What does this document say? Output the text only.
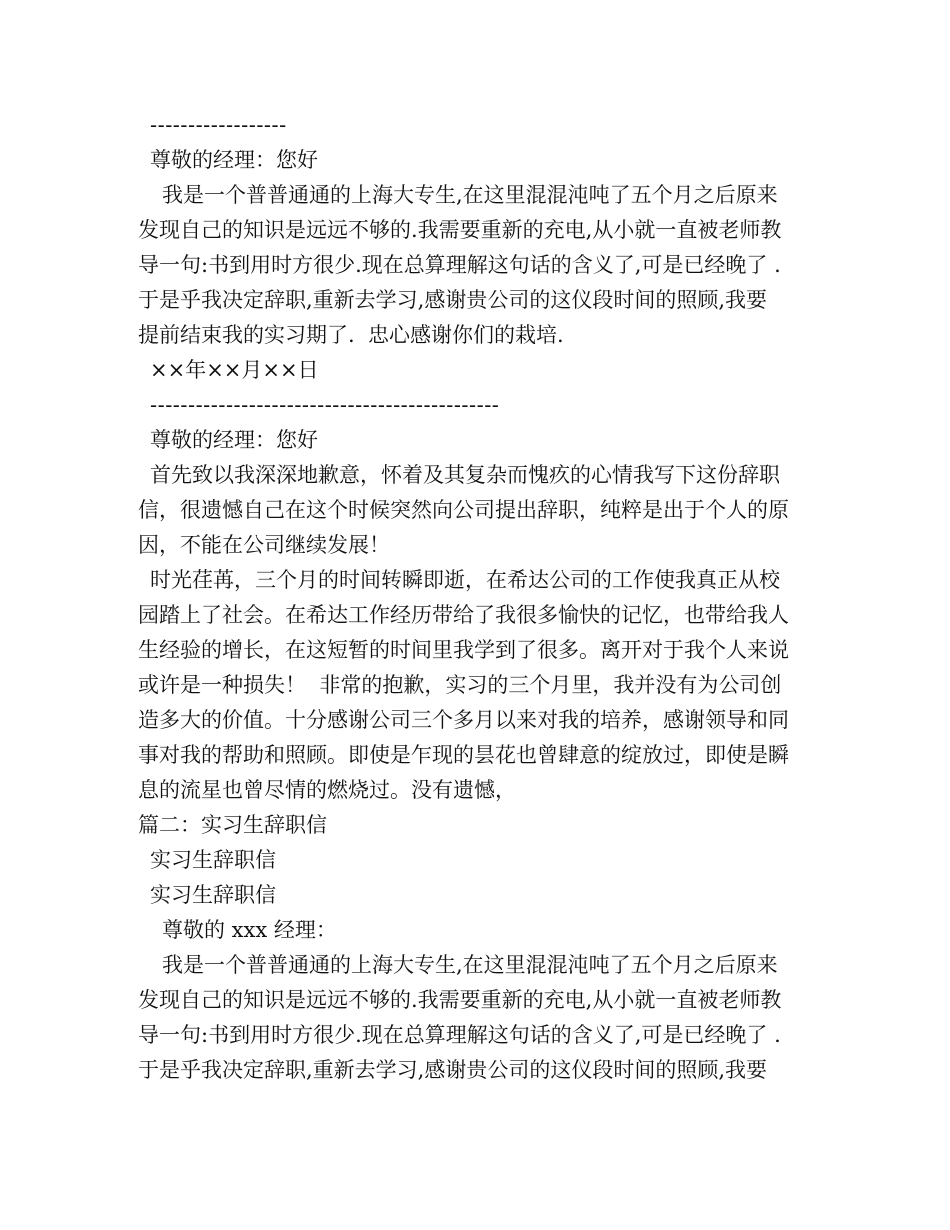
------------------
尊敬的经理：您好
我是一个普普通通的上海大专生,在这里混混沌吨了五个月之后原来
发现自己的知识是远远不够的.我需要重新的充电,从小就一直被老师教
导一句:书到用时方很少.现在总算理解这句话的含义了,可是已经晚了 .
于是乎我决定辞职,重新去学习,感谢贵公司的这仪段时间的照顾,我要
提前结束我的实习期了.  忠心感谢你们的栽培.
××年××月××日
----------------------------------------------
尊敬的经理：您好
首先致以我深深地歉意，怀着及其复杂而愧疚的心情我写下这份辞职
信，很遗憾自己在这个时候突然向公司提出辞职，纯粹是出于个人的原
因，不能在公司继续发展！
时光荏苒，三个月的时间转瞬即逝，在希达公司的工作使我真正从校
园踏上了社会。在希达工作经历带给了我很多愉快的记忆，也带给我人
生经验的增长，在这短暂的时间里我学到了很多。离开对于我个人来说
或许是一种损失！  非常的抱歉，实习的三个月里，我并没有为公司创
造多大的价值。十分感谢公司三个多月以来对我的培养，感谢领导和同
事对我的帮助和照顾。即使是乍现的昙花也曾肆意的绽放过，即使是瞬
息的流星也曾尽情的燃烧过。没有遗憾，
篇二：实习生辞职信
实习生辞职信
实习生辞职信
尊敬的 xxx 经理：
我是一个普普通通的上海大专生,在这里混混沌吨了五个月之后原来
发现自己的知识是远远不够的.我需要重新的充电,从小就一直被老师教
导一句:书到用时方很少.现在总算理解这句话的含义了,可是已经晚了 .
于是乎我决定辞职,重新去学习,感谢贵公司的这仪段时间的照顾,我要
